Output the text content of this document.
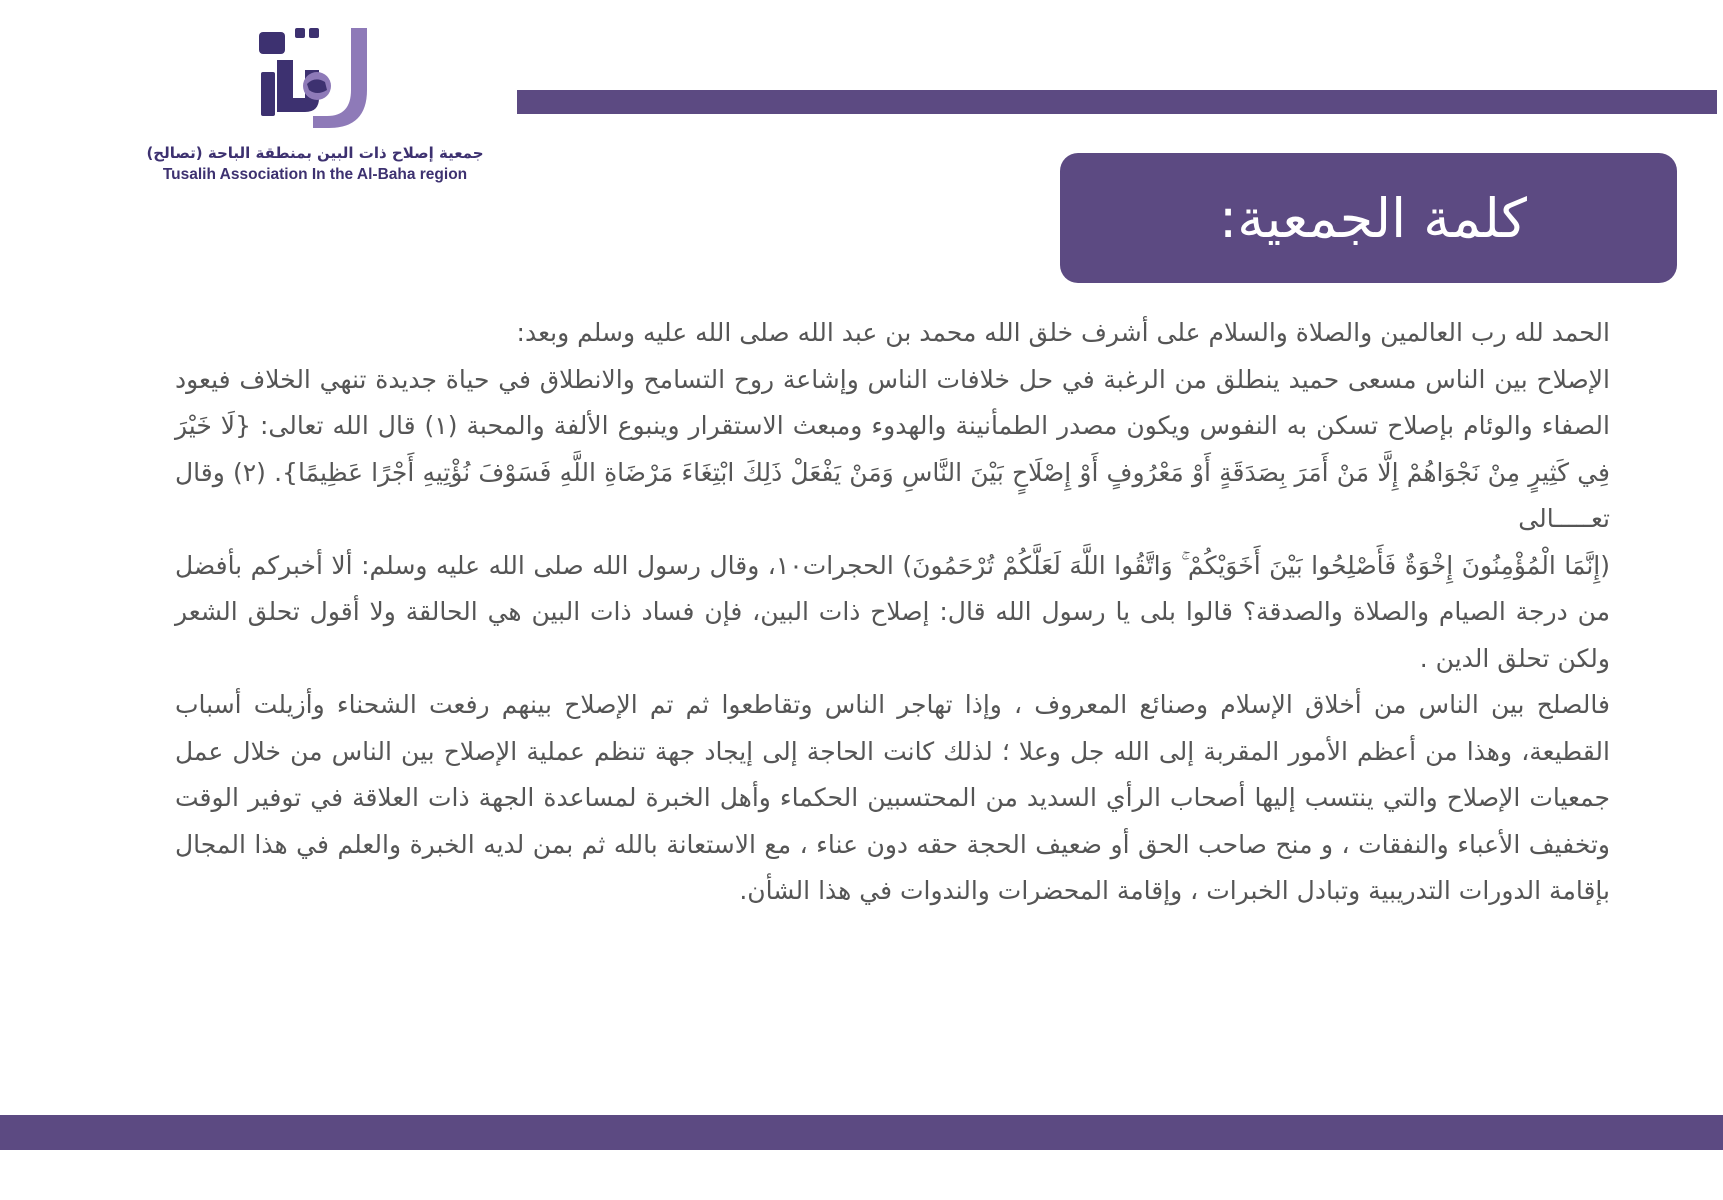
جمعية إصلاح ذات البين بمنطقة الباحة (تصالح)
Tusalih Association In the Al-Baha region
كلمة الجمعية:

الحمد لله رب العالمين والصلاة والسلام على أشرف خلق الله محمد بن عبد الله صلى الله عليه وسلم وبعد:

الإصلاح بين الناس مسعى حميد ينطلق من الرغبة في حل خلافات الناس وإشاعة روح التسامح والانطلاق في حياة جديدة تنهي الخلاف فيعود الصفاء والوئام بإصلاح تسكن به النفوس ويكون مصدر الطمأنينة والهدوء ومبعث الاستقرار وينبوع الألفة والمحبة (١) قال الله تعالى: {لَا خَيْرَ فِي كَثِيرٍ مِنْ نَجْوَاهُمْ إِلَّا مَنْ أَمَرَ بِصَدَقَةٍ أَوْ مَعْرُوفٍ أَوْ إِصْلَاحٍ بَيْنَ النَّاسِ وَمَنْ يَفْعَلْ ذَلِكَ ابْتِغَاءَ مَرْضَاةِ اللَّهِ فَسَوْفَ نُؤْتِيهِ أَجْرًا عَظِيمًا}. (٢) وقال تعـــــالى

(إِنَّمَا الْمُؤْمِنُونَ إِخْوَةٌ فَأَصْلِحُوا بَيْنَ أَخَوَيْكُمْ ۚ وَاتَّقُوا اللَّهَ لَعَلَّكُمْ تُرْحَمُونَ) الحجرات١٠، وقال رسول الله صلى الله عليه وسلم: ألا أخبركم بأفضل من درجة الصيام والصلاة والصدقة؟ قالوا بلى يا رسول الله قال: إصلاح ذات البين، فإن فساد ذات البين هي الحالقة ولا أقول تحلق الشعر ولكن تحلق الدين .

فالصلح بين الناس من أخلاق الإسلام وصنائع المعروف ، وإذا تهاجر الناس وتقاطعوا ثم تم الإصلاح بينهم رفعت الشحناء وأزيلت أسباب القطيعة، وهذا من أعظم الأمور المقربة إلى الله جل وعلا ؛ لذلك كانت الحاجة إلى إيجاد جهة تنظم عملية الإصلاح بين الناس من خلال عمل جمعيات الإصلاح والتي ينتسب إليها أصحاب الرأي السديد من المحتسبين الحكماء وأهل الخبرة لمساعدة الجهة ذات العلاقة في توفير الوقت وتخفيف الأعباء والنفقات ، و منح صاحب الحق أو ضعيف الحجة حقه دون عناء ، مع الاستعانة بالله ثم بمن لديه الخبرة والعلم في هذا المجال بإقامة الدورات التدريبية وتبادل الخبرات ، وإقامة المحضرات والندوات في هذا الشأن.
